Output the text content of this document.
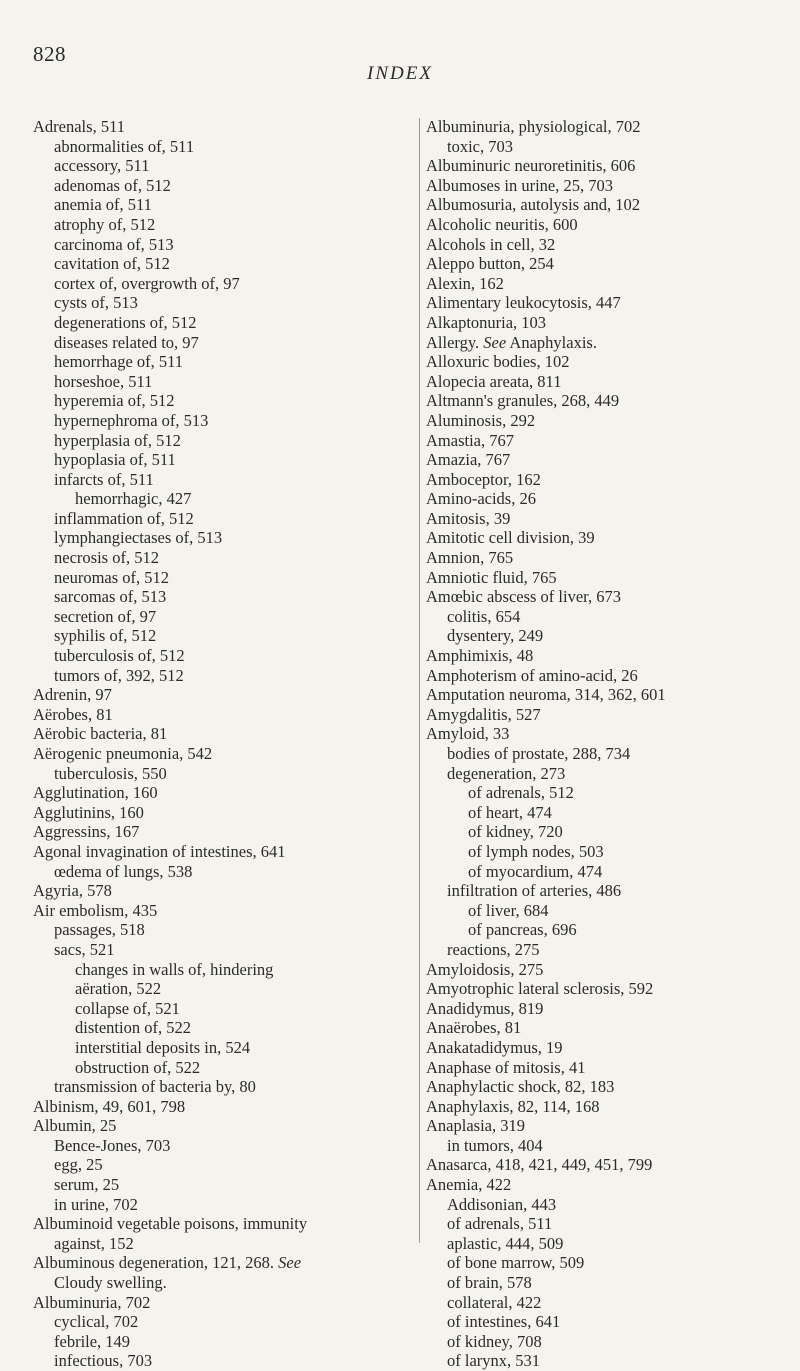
828
INDEX
Adrenals, 511
abnormalities of, 511
accessory, 511
adenomas of, 512
anemia of, 511
atrophy of, 512
carcinoma of, 513
cavitation of, 512
cortex of, overgrowth of, 97
cysts of, 513
degenerations of, 512
diseases related to, 97
hemorrhage of, 511
horseshoe, 511
hyperemia of, 512
hypernephroma of, 513
hyperplasia of, 512
hypoplasia of, 511
infarcts of, 511
hemorrhagic, 427
inflammation of, 512
lymphangiectases of, 513
necrosis of, 512
neuromas of, 512
sarcomas of, 513
secretion of, 97
syphilis of, 512
tuberculosis of, 512
tumors of, 392, 512
Adrenin, 97
Aërobes, 81
Aërobic bacteria, 81
Aërogenic pneumonia, 542
tuberculosis, 550
Agglutination, 160
Agglutinins, 160
Aggressins, 167
Agonal invagination of intestines, 641
œdema of lungs, 538
Agyria, 578
Air embolism, 435
passages, 518
sacs, 521
changes in walls of, hindering
aëration, 522
collapse of, 521
distention of, 522
interstitial deposits in, 524
obstruction of, 522
transmission of bacteria by, 80
Albinism, 49, 601, 798
Albumin, 25
Bence-Jones, 703
egg, 25
serum, 25
in urine, 702
Albuminoid vegetable poisons, immunity
against, 152
Albuminous degeneration, 121, 268. See
Cloudy swelling.
Albuminuria, 702
cyclical, 702
febrile, 149
infectious, 703
Albuminuria, physiological, 702
toxic, 703
Albuminuric neuroretinitis, 606
Albumoses in urine, 25, 703
Albumosuria, autolysis and, 102
Alcoholic neuritis, 600
Alcohols in cell, 32
Aleppo button, 254
Alexin, 162
Alimentary leukocytosis, 447
Alkaptonuria, 103
Allergy. See Anaphylaxis.
Alloxuric bodies, 102
Alopecia areata, 811
Altmann's granules, 268, 449
Aluminosis, 292
Amastia, 767
Amazia, 767
Amboceptor, 162
Amino-acids, 26
Amitosis, 39
Amitotic cell division, 39
Amnion, 765
Amniotic fluid, 765
Amœbic abscess of liver, 673
colitis, 654
dysentery, 249
Amphimixis, 48
Amphoterism of amino-acid, 26
Amputation neuroma, 314, 362, 601
Amygdalitis, 527
Amyloid, 33
bodies of prostate, 288, 734
degeneration, 273
of adrenals, 512
of heart, 474
of kidney, 720
of lymph nodes, 503
of myocardium, 474
infiltration of arteries, 486
of liver, 684
of pancreas, 696
reactions, 275
Amyloidosis, 275
Amyotrophic lateral sclerosis, 592
Anadidymus, 819
Anaërobes, 81
Anakatadidymus, 19
Anaphase of mitosis, 41
Anaphylactic shock, 82, 183
Anaphylaxis, 82, 114, 168
Anaplasia, 319
in tumors, 404
Anasarca, 418, 421, 449, 451, 799
Anemia, 422
Addisonian, 443
of adrenals, 511
aplastic, 444, 509
of bone marrow, 509
of brain, 578
collateral, 422
of intestines, 641
of kidney, 708
of larynx, 531
